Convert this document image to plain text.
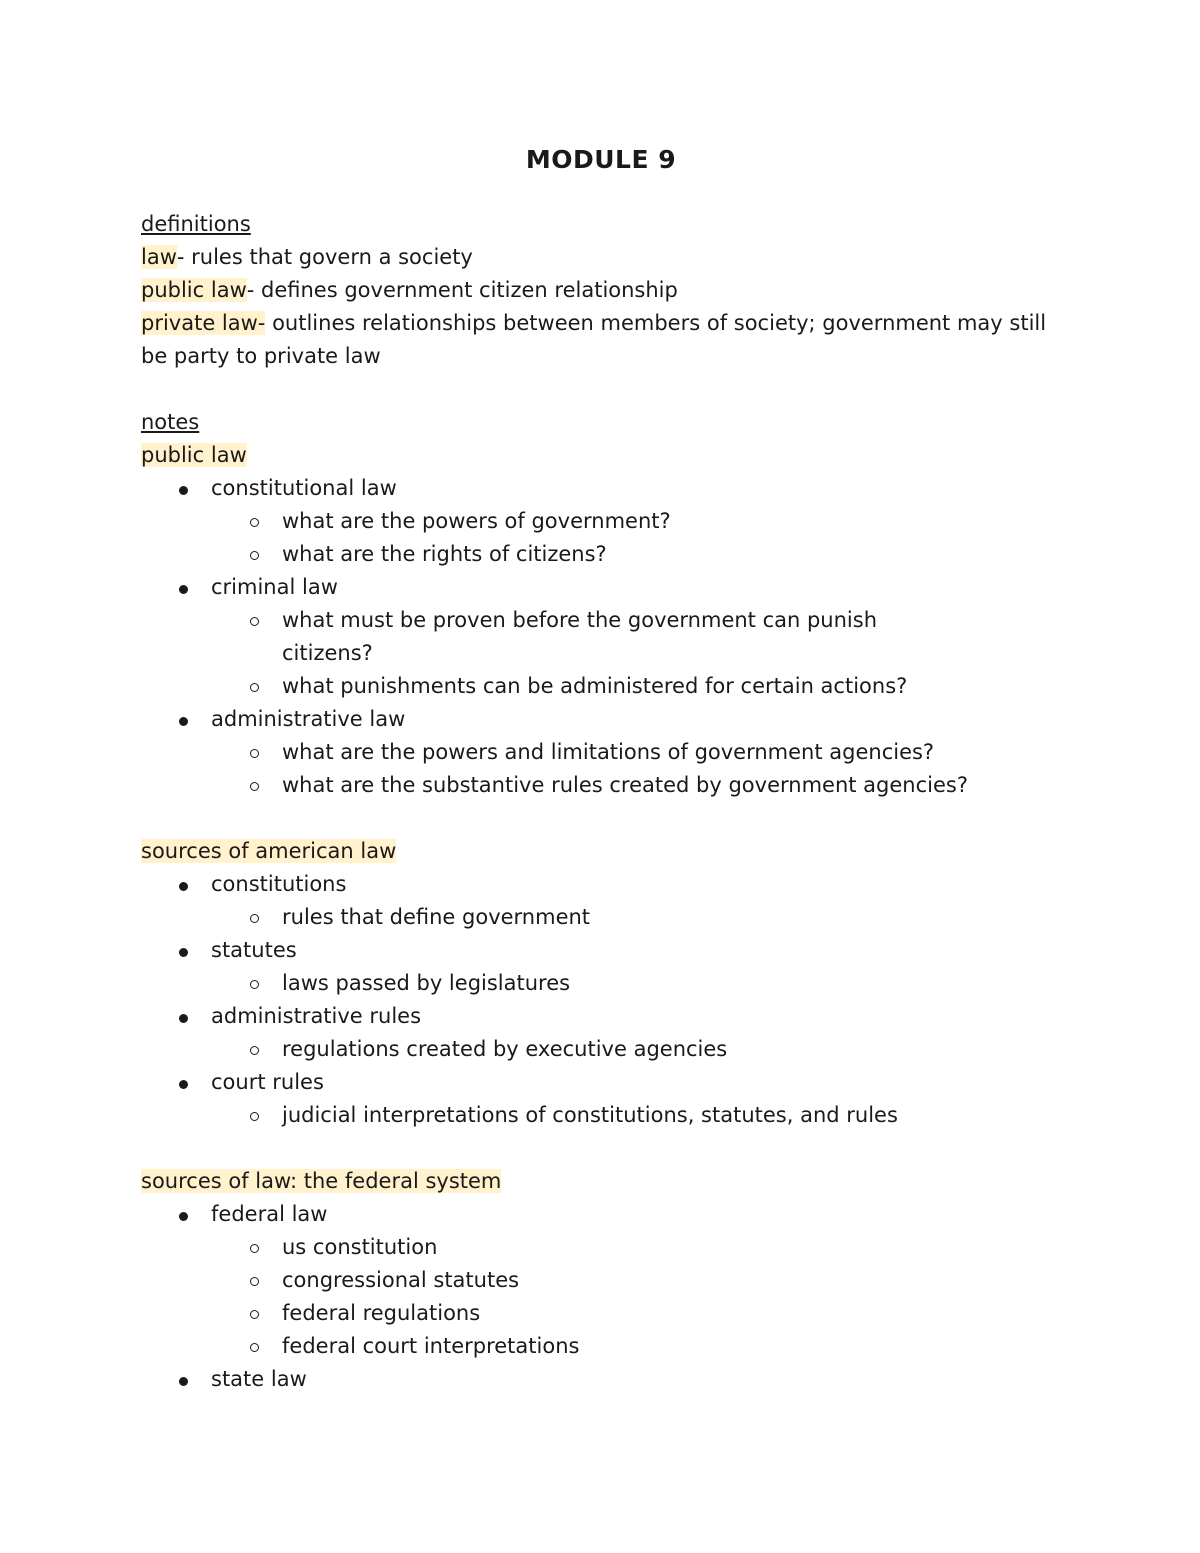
MODULE 9
definitions
law- rules that govern a society
public law- defines government citizen relationship
private law- outlines relationships between members of society; government may still be party to private law
notes
public law
constitutional law
what are the powers of government?
what are the rights of citizens?
criminal law
what must be proven before the government can punish citizens?
what punishments can be administered for certain actions?
administrative law
what are the powers and limitations of government agencies?
what are the substantive rules created by government agencies?
sources of american law
constitutions
rules that define government
statutes
laws passed by legislatures
administrative rules
regulations created by executive agencies
court rules
judicial interpretations of constitutions, statutes, and rules
sources of law: the federal system
federal law
us constitution
congressional statutes
federal regulations
federal court interpretations
state law
